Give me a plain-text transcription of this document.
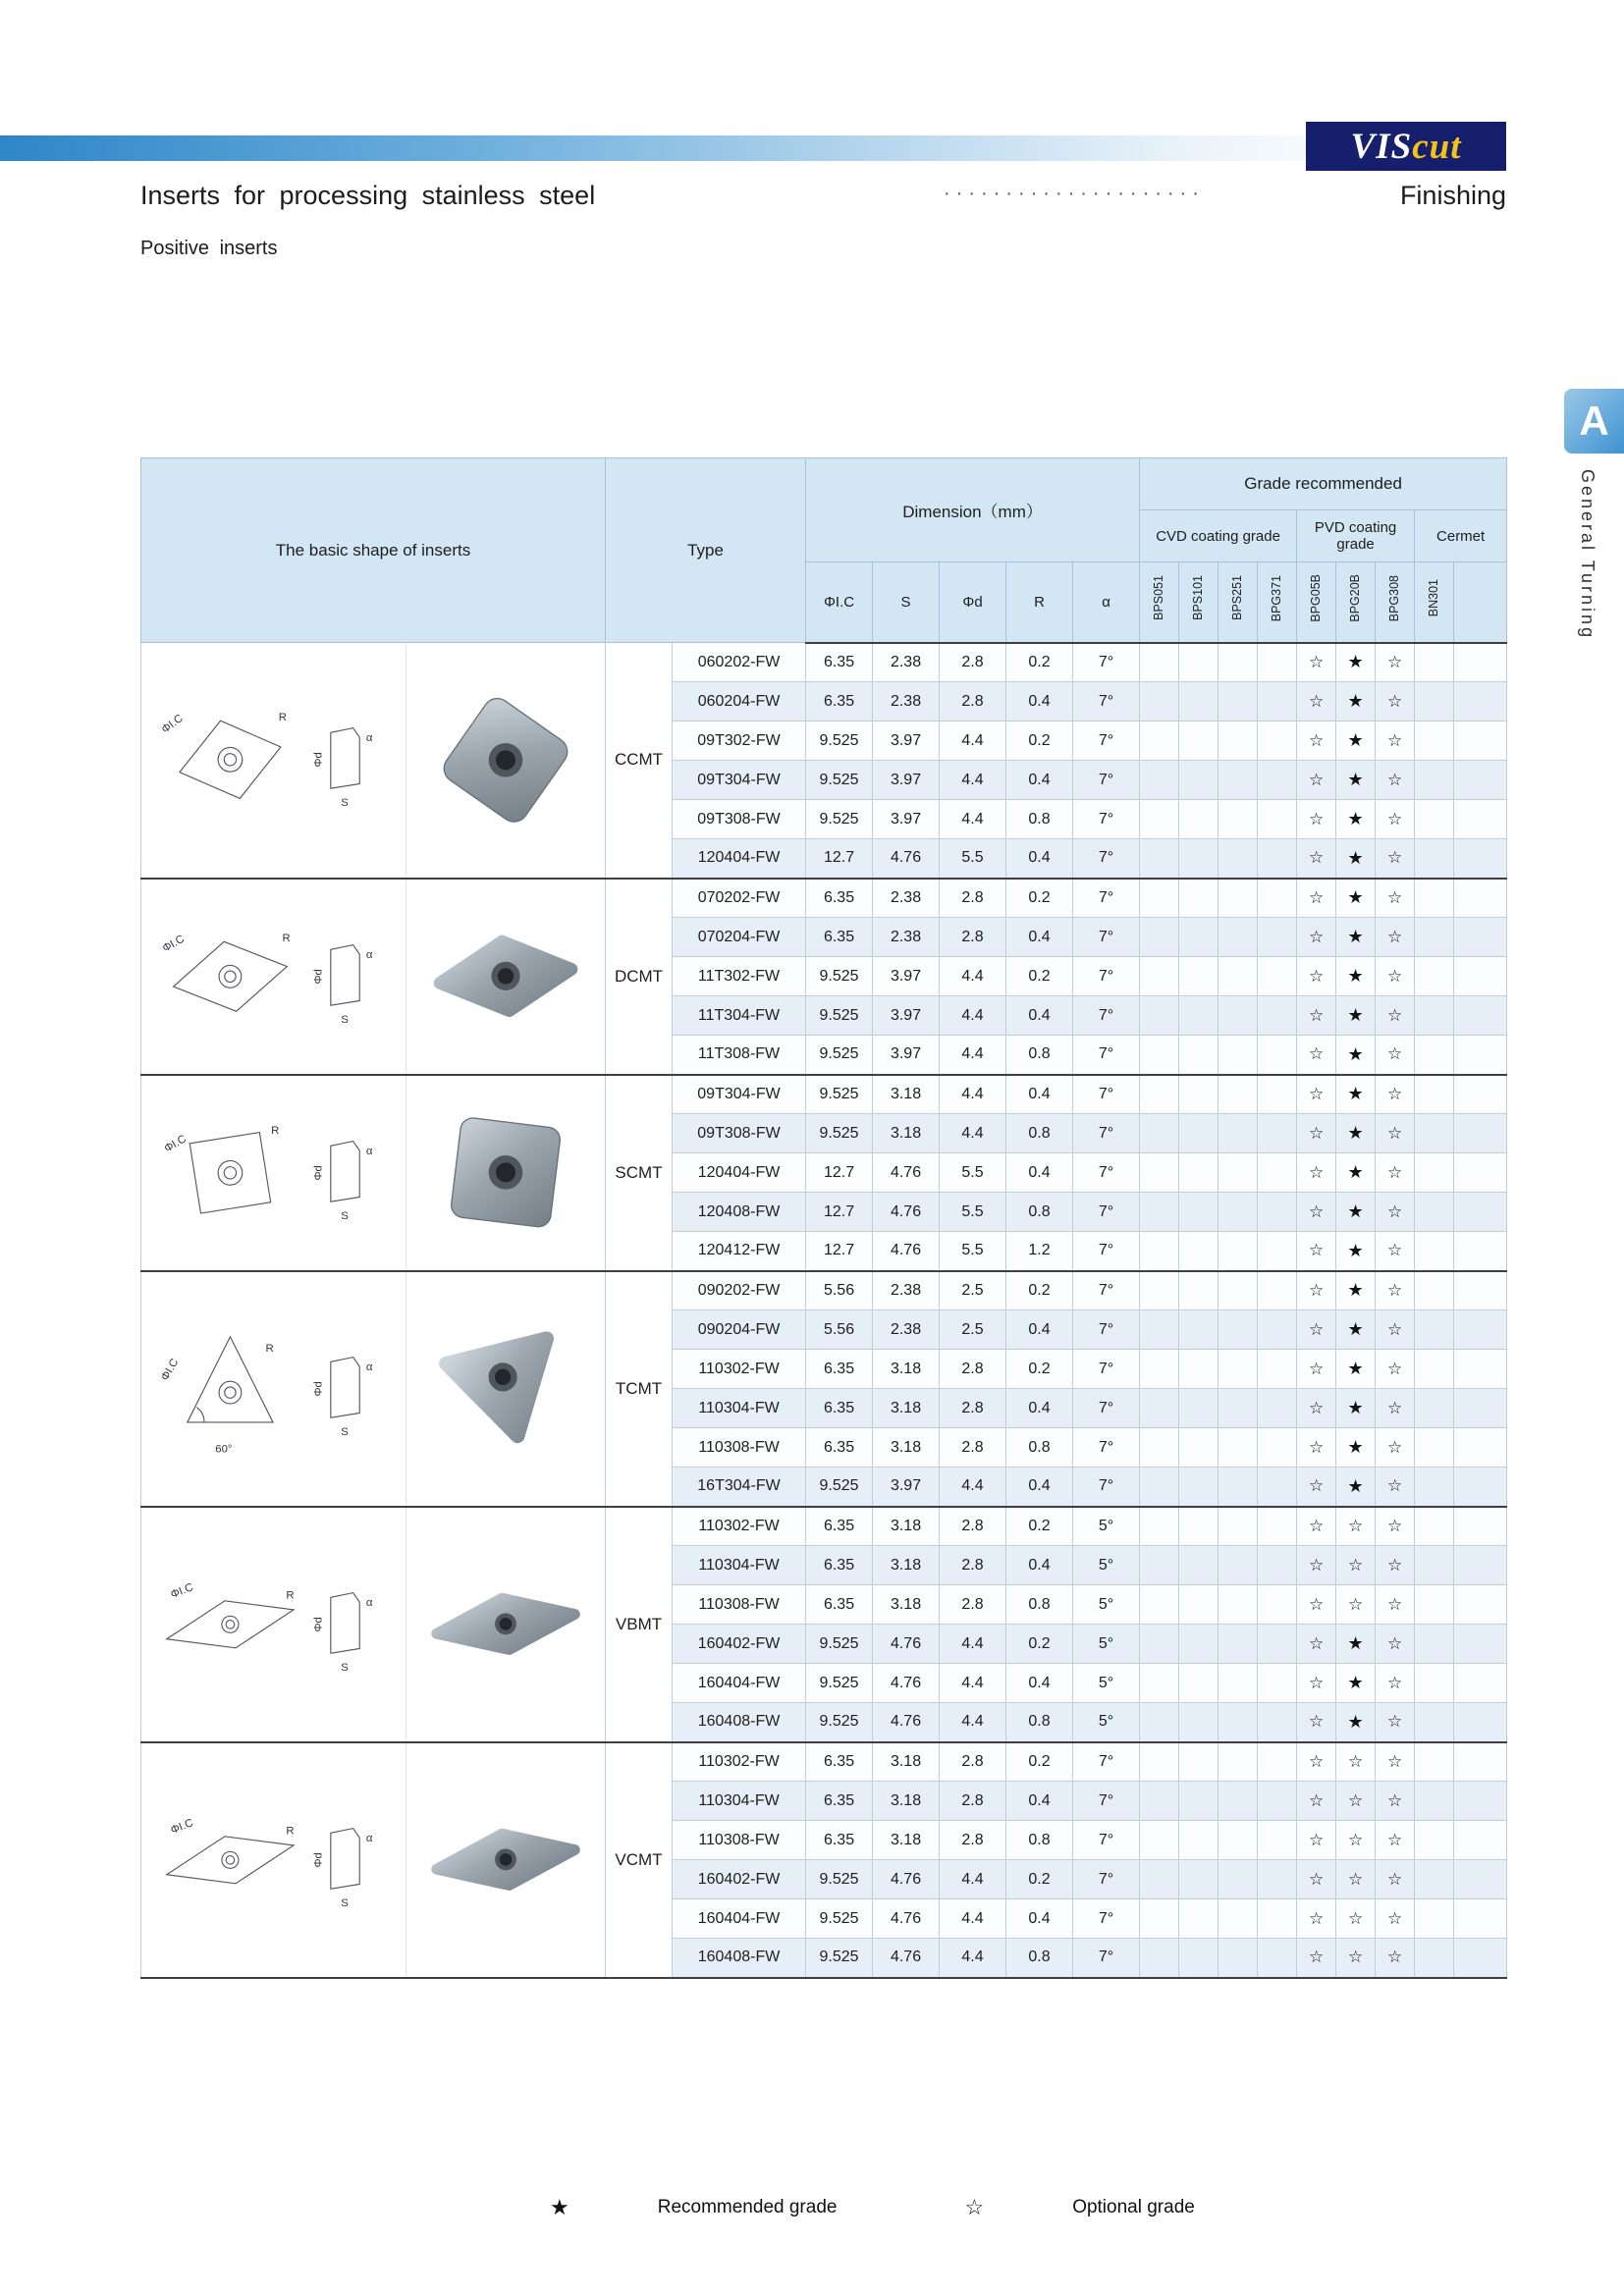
VIS cut
Inserts for processing stainless steel	·····················	Finishing
Positive inserts
A
General Turning
The basic shape of inserts		Type		Dimension（mm）					Grade recommended								
									CVD coating grade				PVD coating grade			Cermet	
				ΦI.C	S	Φd	R	α	BPS051	BPS101	BPS251	BPG371	BPG05B	BPG20B	BPG308	BN301	

ΦI.C R
α
S
Φd		CCMT	060202-FW	6.35	2.38	2.8	0.2	7°					☆	★	☆		
			060204-FW	6.35	2.38	2.8	0.4	7°					☆	★	☆		
			09T302-FW	9.525	3.97	4.4	0.2	7°					☆	★	☆		
			09T304-FW	9.525	3.97	4.4	0.4	7°					☆	★	☆		
			09T308-FW	9.525	3.97	4.4	0.8	7°					☆	★	☆		
			120404-FW	12.7	4.76	5.5	0.4	7°					☆	★	☆		

ΦI.C R
α
S
Φd		DCMT	070202-FW	6.35	2.38	2.8	0.2	7°					☆	★	☆		
			070204-FW	6.35	2.38	2.8	0.4	7°					☆	★	☆		
			11T302-FW	9.525	3.97	4.4	0.2	7°					☆	★	☆		
			11T304-FW	9.525	3.97	4.4	0.4	7°					☆	★	☆		
			11T308-FW	9.525	3.97	4.4	0.8	7°					☆	★	☆		

ΦI.C
R
α
S
Φd		SCMT	09T304-FW	9.525	3.18	4.4	0.4	7°					☆	★	☆		
			09T308-FW	9.525	3.18	4.4	0.8	7°					☆	★	☆		
			120404-FW	12.7	4.76	5.5	0.4	7°					☆	★	☆		
			120408-FW	12.7	4.76	5.5	0.8	7°					☆	★	☆		
			120412-FW	12.7	4.76	5.5	1.2	7°					☆	★	☆		

ΦI.C
R
60°
α
S
Φd		TCMT	090202-FW	5.56	2.38	2.5	0.2	7°					☆	★	☆		
			090204-FW	5.56	2.38	2.5	0.4	7°					☆	★	☆		
			110302-FW	6.35	3.18	2.8	0.2	7°					☆	★	☆		
			110304-FW	6.35	3.18	2.8	0.4	7°					☆	★	☆		
			110308-FW	6.35	3.18	2.8	0.8	7°					☆	★	☆		
			16T304-FW	9.525	3.97	4.4	0.4	7°					☆	★	☆		

ΦI.C R
α
S
Φd		VBMT	110302-FW	6.35	3.18	2.8	0.2	5°					☆	☆	☆		
			110304-FW	6.35	3.18	2.8	0.4	5°					☆	☆	☆		
			110308-FW	6.35	3.18	2.8	0.8	5°					☆	☆	☆		
			160402-FW	9.525	4.76	4.4	0.2	5°					☆	★	☆		
			160404-FW	9.525	4.76	4.4	0.4	5°					☆	★	☆		
			160408-FW	9.525	4.76	4.4	0.8	5°					☆	★	☆		

ΦI.C R
α
S
Φd		VCMT	110302-FW	6.35	3.18	2.8	0.2	7°					☆	☆	☆		
			110304-FW	6.35	3.18	2.8	0.4	7°					☆	☆	☆		
			110308-FW	6.35	3.18	2.8	0.8	7°					☆	☆	☆		
			160402-FW	9.525	4.76	4.4	0.2	7°					☆	☆	☆		
			160404-FW	9.525	4.76	4.4	0.4	7°					☆	☆	☆		
			160408-FW	9.525	4.76	4.4	0.8	7°					☆	☆	☆		
★	Recommended grade	☆	Optional grade
